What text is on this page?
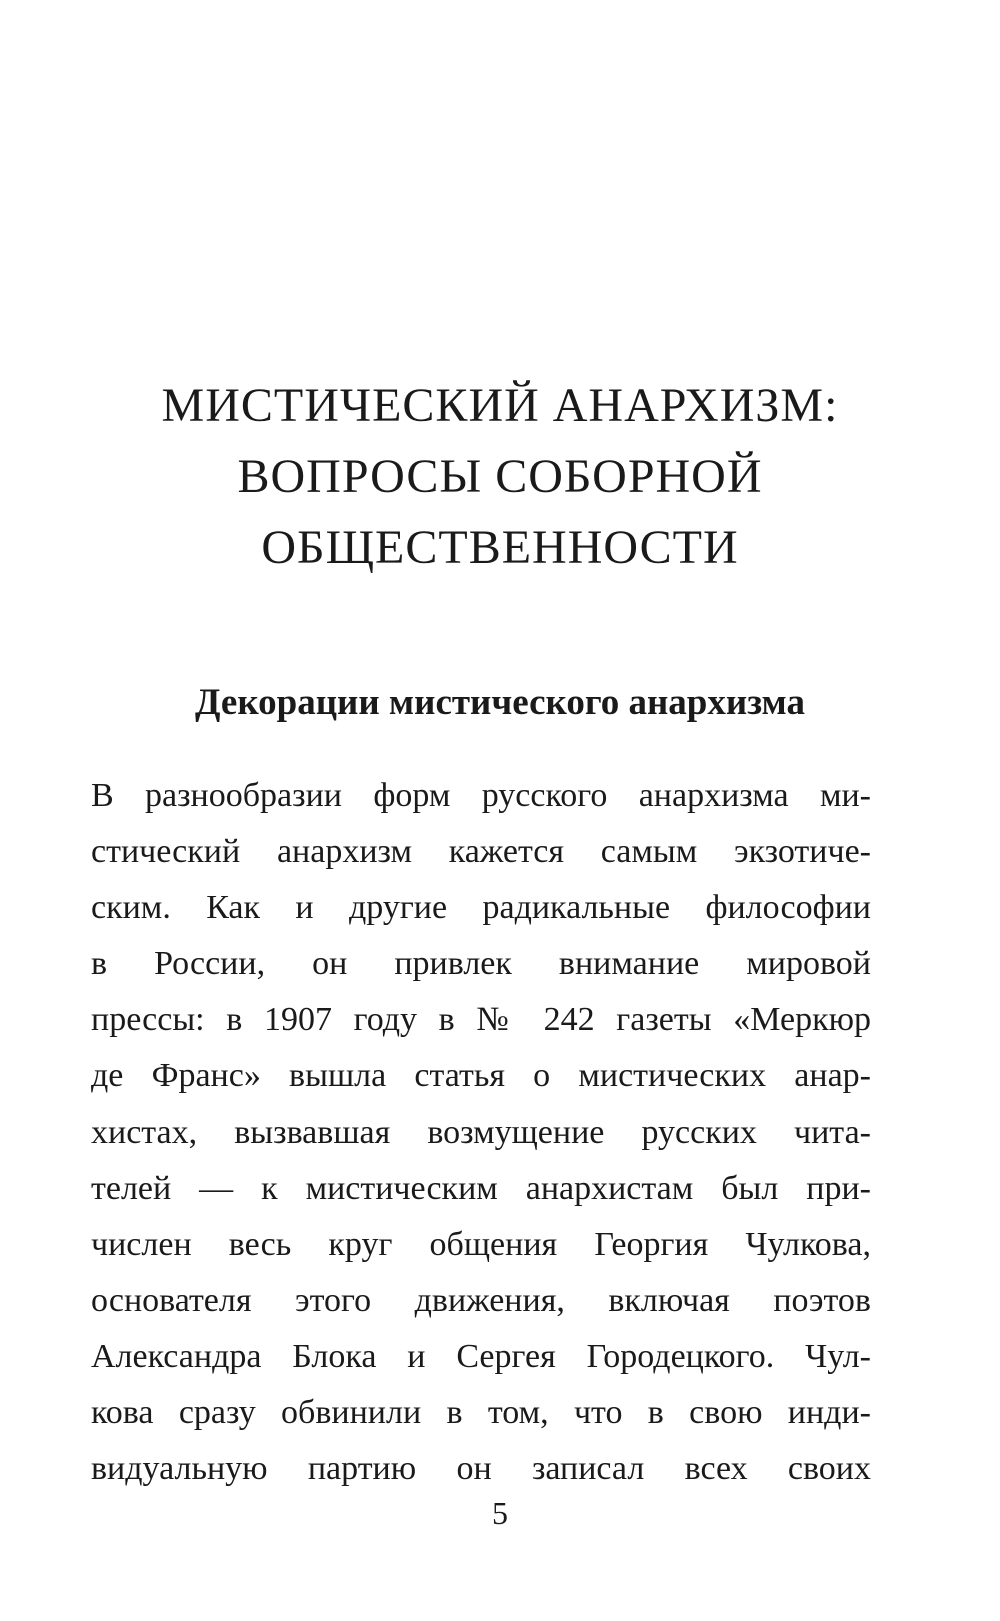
МИСТИЧЕСКИЙ АНАРХИЗМ:
ВОПРОСЫ СОБОРНОЙ
ОБЩЕСТВЕННОСТИ
Декорации мистического анархизма

В разнообразии форм русского анархизма ми-
стический анархизм кажется самым экзотиче-
ским. Как и другие радикальные философии
в России, он привлек внимание мировой
прессы: в 1907 году в № 242 газеты «Меркюр
де Франс» вышла статья о мистических анар-
хистах, вызвавшая возмущение русских чита-
телей — к мистическим анархистам был при-
числен весь круг общения Георгия Чулкова,
основателя этого движения, включая поэтов
Александра Блока и Сергея Городецкого. Чул-
кова сразу обвинили в том, что в свою инди-
видуальную партию он записал всех своих

5
